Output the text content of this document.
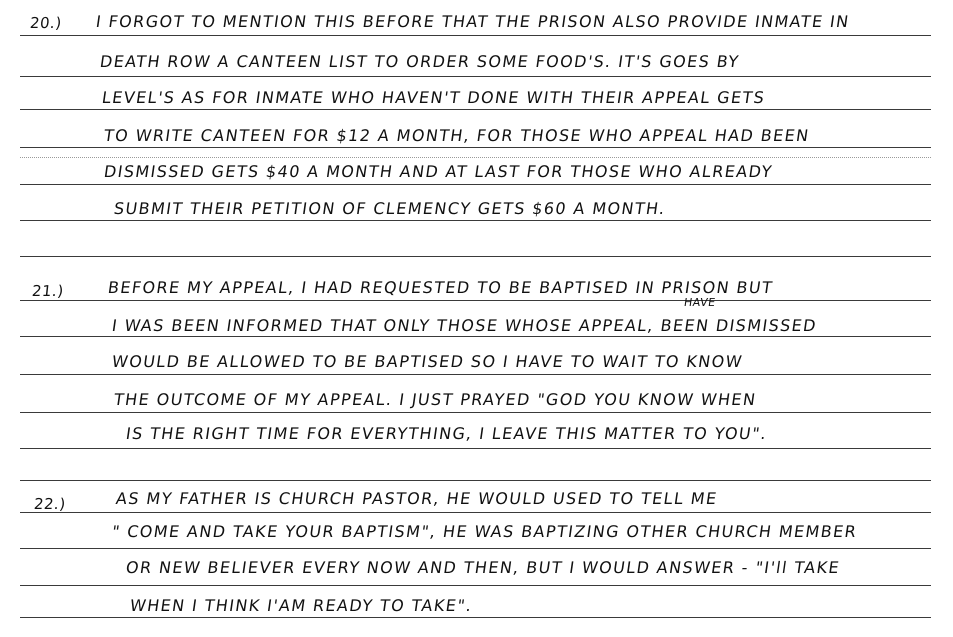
20.) I FORGOT TO MENTION THIS BEFORE THAT THE PRISON ALSO PROVIDE INMATE IN
DEATH ROW A CANTEEN LIST TO ORDER SOME FOOD'S. IT'S GOES BY
LEVEL'S AS FOR INMATE WHO HAVEN'T DONE WITH THEIR APPEAL GETS
TO WRITE CANTEEN FOR $12 A MONTH, FOR THOSE WHO APPEAL HAD BEEN
DISMISSED GETS $40 A MONTH AND AT LAST FOR THOSE WHO ALREADY
SUBMIT THEIR PETITION OF CLEMENCY GETS $60 A MONTH.
21.)	BEFORE MY APPEAL, I HAD REQUESTED TO BE BAPTISED IN PRISON BUT
HAVE
I WAS BEEN INFORMED THAT ONLY THOSE WHOSE APPEAL, BEEN DISMISSED
WOULD BE ALLOWED TO BE BAPTISED SO I HAVE TO WAIT TO KNOW
THE OUTCOME OF MY APPEAL. I JUST PRAYED "GOD YOU KNOW WHEN
IS THE RIGHT TIME FOR EVERYTHING, I LEAVE THIS MATTER TO YOU".
22.)	AS MY FATHER IS CHURCH PASTOR, HE WOULD USED TO TELL ME
" COME AND TAKE YOUR BAPTISM", HE WAS BAPTIZING OTHER CHURCH MEMBER
OR NEW BELIEVER EVERY NOW AND THEN, BUT I WOULD ANSWER - "I'll TAKE
WHEN I THINK I'AM READY TO TAKE".
